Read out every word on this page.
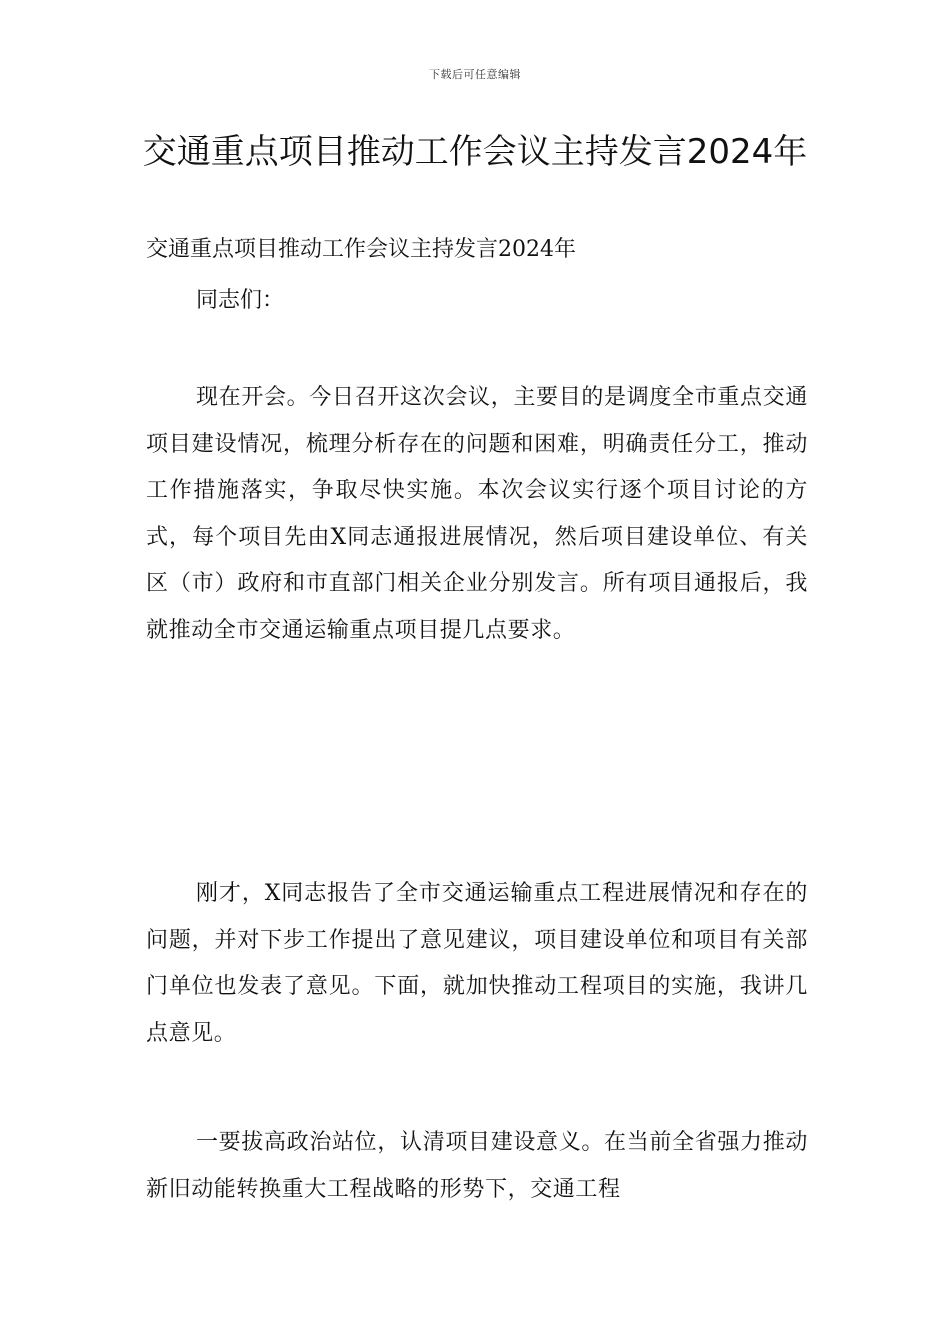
下载后可任意编辑
交通重点项目推动工作会议主持发言2024年

交通重点项目推动工作会议主持发言2024年

同志们：

现在开会。今日召开这次会议，主要目的是调度全市重点交通项目建设情况，梳理分析存在的问题和困难，明确责任分工，推动工作措施落实，争取尽快实施。本次会议实行逐个项目讨论的方式，每个项目先由X同志通报进展情况，然后项目建设单位、有关区（市）政府和市直部门相关企业分别发言。所有项目通报后，我就推动全市交通运输重点项目提几点要求。

刚才，X同志报告了全市交通运输重点工程进展情况和存在的问题，并对下步工作提出了意见建议，项目建设单位和项目有关部门单位也发表了意见。下面，就加快推动工程项目的实施，我讲几点意见。

一要拔高政治站位，认清项目建设意义。在当前全省强力推动新旧动能转换重大工程战略的形势下，交通工程
